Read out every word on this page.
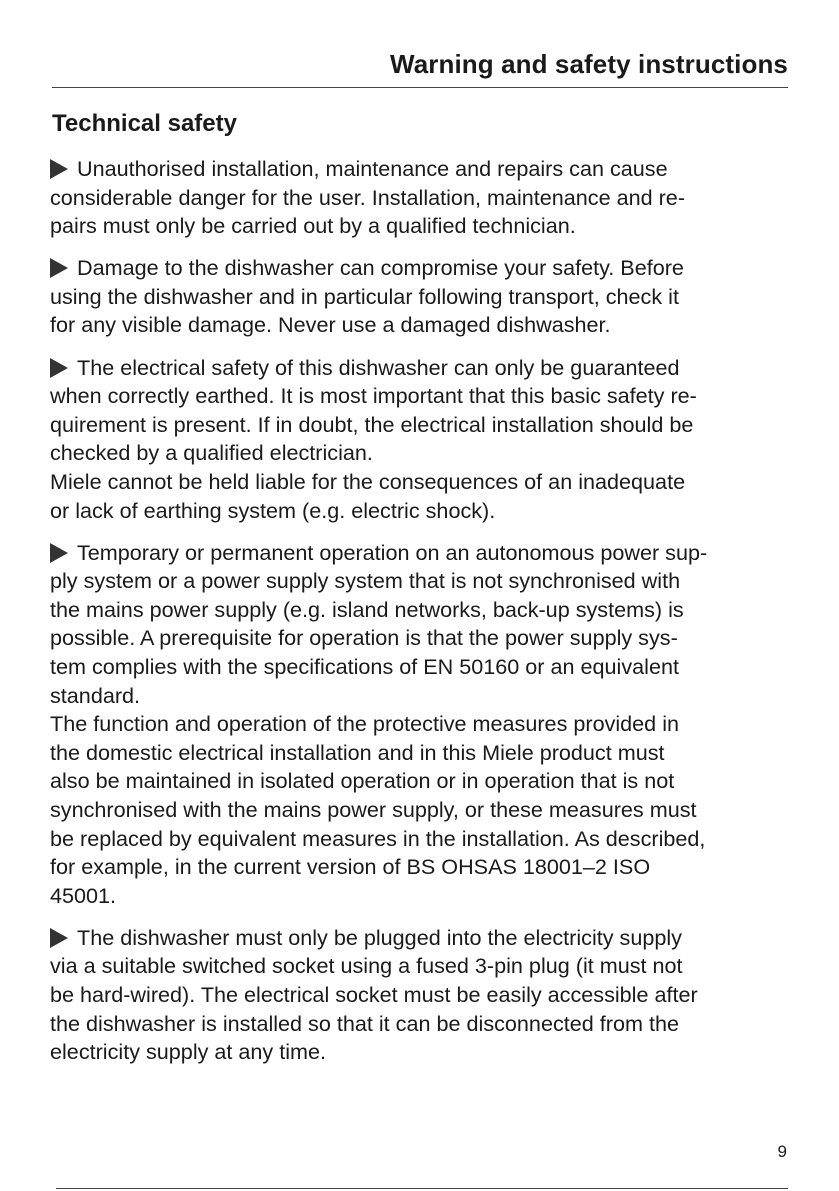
Warning and safety instructions
Technical safety
Unauthorised installation, maintenance and repairs can cause
considerable danger for the user. Installation, maintenance and re-
pairs must only be carried out by a qualified technician.
Damage to the dishwasher can compromise your safety. Before
using the dishwasher and in particular following transport, check it
for any visible damage. Never use a damaged dishwasher.
The electrical safety of this dishwasher can only be guaranteed
when correctly earthed. It is most important that this basic safety re-
quirement is present. If in doubt, the electrical installation should be
checked by a qualified electrician.
Miele cannot be held liable for the consequences of an inadequate
or lack of earthing system (e.g. electric shock).
Temporary or permanent operation on an autonomous power sup-
ply system or a power supply system that is not synchronised with
the mains power supply (e.g. island networks, back-up systems) is
possible. A prerequisite for operation is that the power supply sys-
tem complies with the specifications of EN 50160 or an equivalent
standard.
The function and operation of the protective measures provided in
the domestic electrical installation and in this Miele product must
also be maintained in isolated operation or in operation that is not
synchronised with the mains power supply, or these measures must
be replaced by equivalent measures in the installation. As described,
for example, in the current version of BS OHSAS 18001–2 ISO
45001.
The dishwasher must only be plugged into the electricity supply
via a suitable switched socket using a fused 3-pin plug (it must not
be hard-wired). The electrical socket must be easily accessible after
the dishwasher is installed so that it can be disconnected from the
electricity supply at any time.
9
